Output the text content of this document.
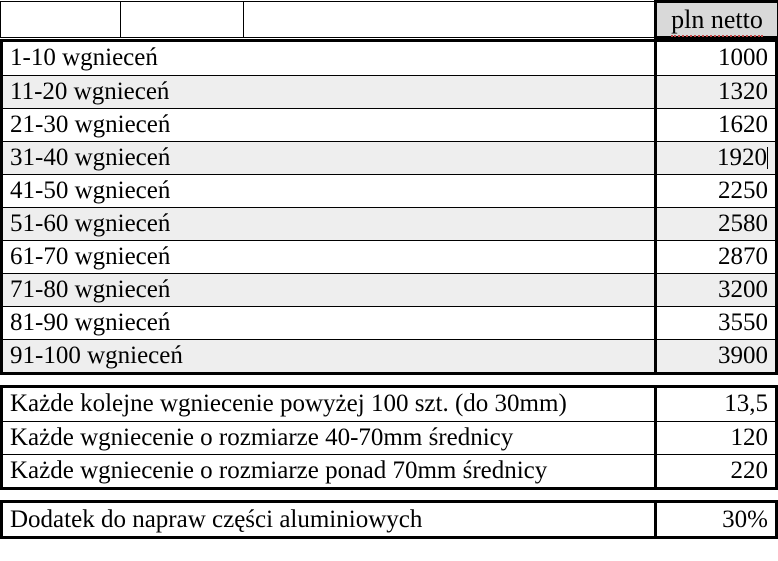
			pln netto
1-10 wgnieceń	1000
11-20 wgnieceń	1320
21-30 wgnieceń	1620
31-40 wgnieceń	1920
41-50 wgnieceń	2250
51-60 wgnieceń	2580
61-70 wgnieceń	2870
71-80 wgnieceń	3200
81-90 wgnieceń	3550
91-100 wgnieceń	3900
Każde kolejne wgniecenie powyżej 100 szt. (do 30mm)	13,5
Każde wgniecenie o rozmiarze 40-70mm średnicy	120
Każde wgniecenie o rozmiarze ponad 70mm średnicy	220
Dodatek do napraw części aluminiowych	30%
